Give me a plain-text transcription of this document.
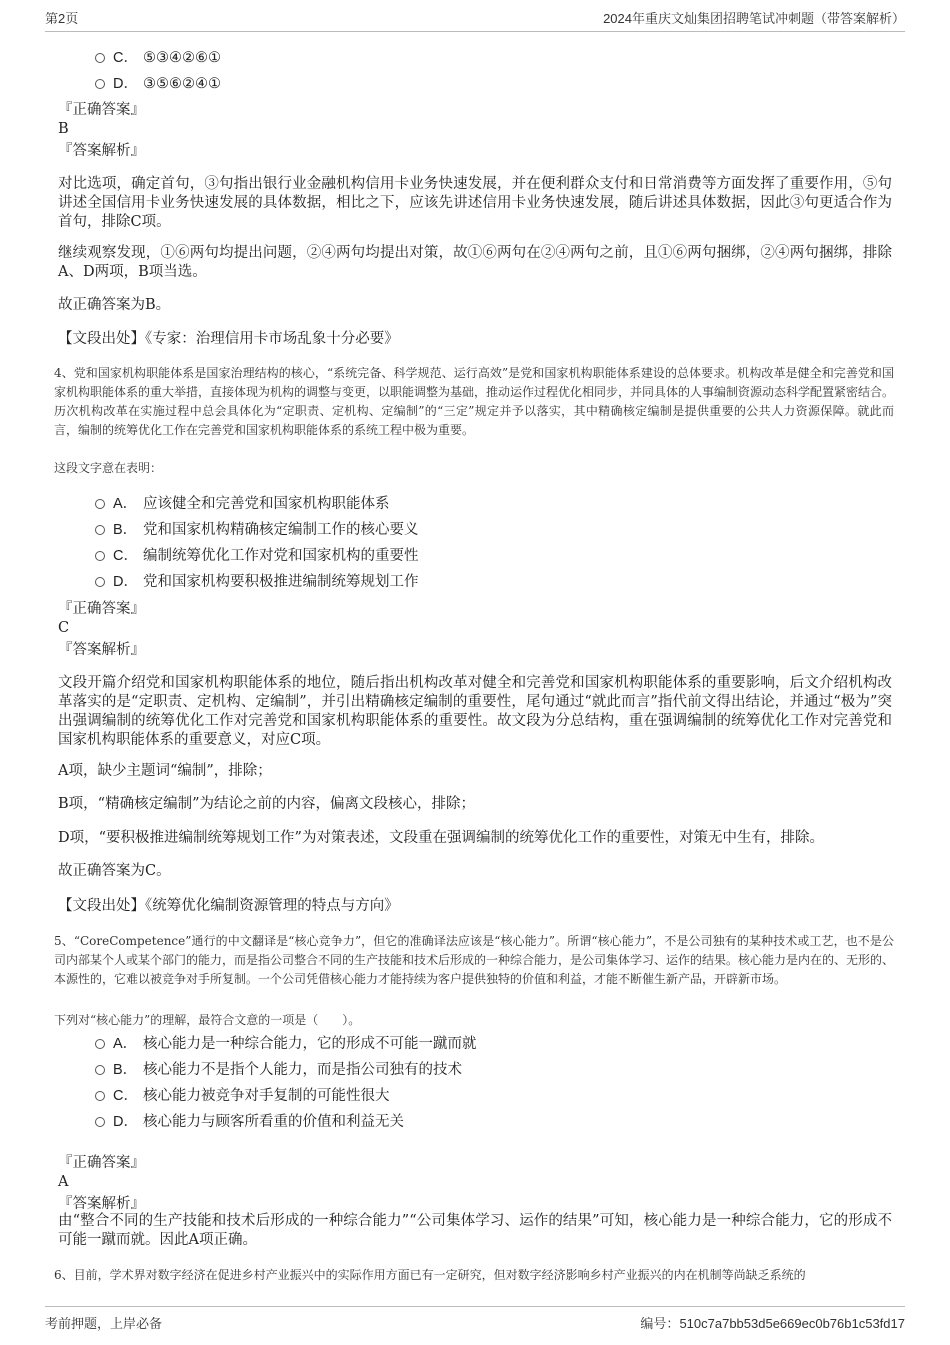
第2页	2024年重庆文灿集团招聘笔试冲刺题（带答案解析）
C． ⑤③④②⑥①
D． ③⑤⑥②④①
『正确答案』
B
『答案解析』
对比选项，确定首句，③句指出银行业金融机构信用卡业务快速发展，并在便利群众支付和日常消费等方面发挥了重要作用，⑤句讲述全国信用卡业务快速发展的具体数据，相比之下，应该先讲述信用卡业务快速发展，随后讲述具体数据，因此③句更适合作为首句，排除C项。
继续观察发现，①⑥两句均提出问题，②④两句均提出对策，故①⑥两句在②④两句之前，且①⑥两句捆绑，②④两句捆绑，排除A、D两项，B项当选。
故正确答案为B。
【文段出处】《专家：治理信用卡市场乱象十分必要》
4、党和国家机构职能体系是国家治理结构的核心，“系统完备、科学规范、运行高效”是党和国家机构职能体系建设的总体要求。机构改革是健全和完善党和国家机构职能体系的重大举措，直接体现为机构的调整与变更，以职能调整为基础，推动运作过程优化相同步，并同具体的人事编制资源动态科学配置紧密结合。历次机构改革在实施过程中总会具体化为“定职责、定机构、定编制”的“三定”规定并予以落实，其中精确核定编制是提供重要的公共人力资源保障。就此而言，编制的统筹优化工作在完善党和国家机构职能体系的系统工程中极为重要。
这段文字意在表明：
A． 应该健全和完善党和国家机构职能体系
B． 党和国家机构精确核定编制工作的核心要义
C． 编制统筹优化工作对党和国家机构的重要性
D． 党和国家机构要积极推进编制统筹规划工作
『正确答案』
C
『答案解析』
文段开篇介绍党和国家机构职能体系的地位，随后指出机构改革对健全和完善党和国家机构职能体系的重要影响，后文介绍机构改革落实的是“定职责、定机构、定编制”，并引出精确核定编制的重要性，尾句通过“就此而言”指代前文得出结论，并通过“极为”突出强调编制的统筹优化工作对完善党和国家机构职能体系的重要性。故文段为分总结构，重在强调编制的统筹优化工作对完善党和国家机构职能体系的重要意义，对应C项。
A项，缺少主题词“编制”，排除；
B项，“精确核定编制”为结论之前的内容，偏离文段核心，排除；
D项，“要积极推进编制统筹规划工作”为对策表述，文段重在强调编制的统筹优化工作的重要性，对策无中生有，排除。
故正确答案为C。
【文段出处】《统筹优化编制资源管理的特点与方向》
5、“CoreCompetence”通行的中文翻译是“核心竞争力”，但它的准确译法应该是“核心能力”。所谓“核心能力”，不是公司独有的某种技术或工艺，也不是公司内部某个人或某个部门的能力，而是指公司整合不同的生产技能和技术后形成的一种综合能力，是公司集体学习、运作的结果。核心能力是内在的、无形的、本源性的，它难以被竞争对手所复制。一个公司凭借核心能力才能持续为客户提供独特的价值和利益，才能不断催生新产品，开辟新市场。
下列对“核心能力”的理解，最符合文意的一项是（　　）。
A． 核心能力是一种综合能力，它的形成不可能一蹴而就
B． 核心能力不是指个人能力，而是指公司独有的技术
C． 核心能力被竞争对手复制的可能性很大
D． 核心能力与顾客所看重的价值和利益无关
『正确答案』
A
『答案解析』
由“整合不同的生产技能和技术后形成的一种综合能力”“公司集体学习、运作的结果”可知，核心能力是一种综合能力，它的形成不可能一蹴而就。因此A项正确。
6、目前，学术界对数字经济在促进乡村产业振兴中的实际作用方面已有一定研究，但对数字经济影响乡村产业振兴的内在机制等尚缺乏系统的
考前押题，上岸必备	编号：510c7a7bb53d5e669ec0b76b1c53fd17
